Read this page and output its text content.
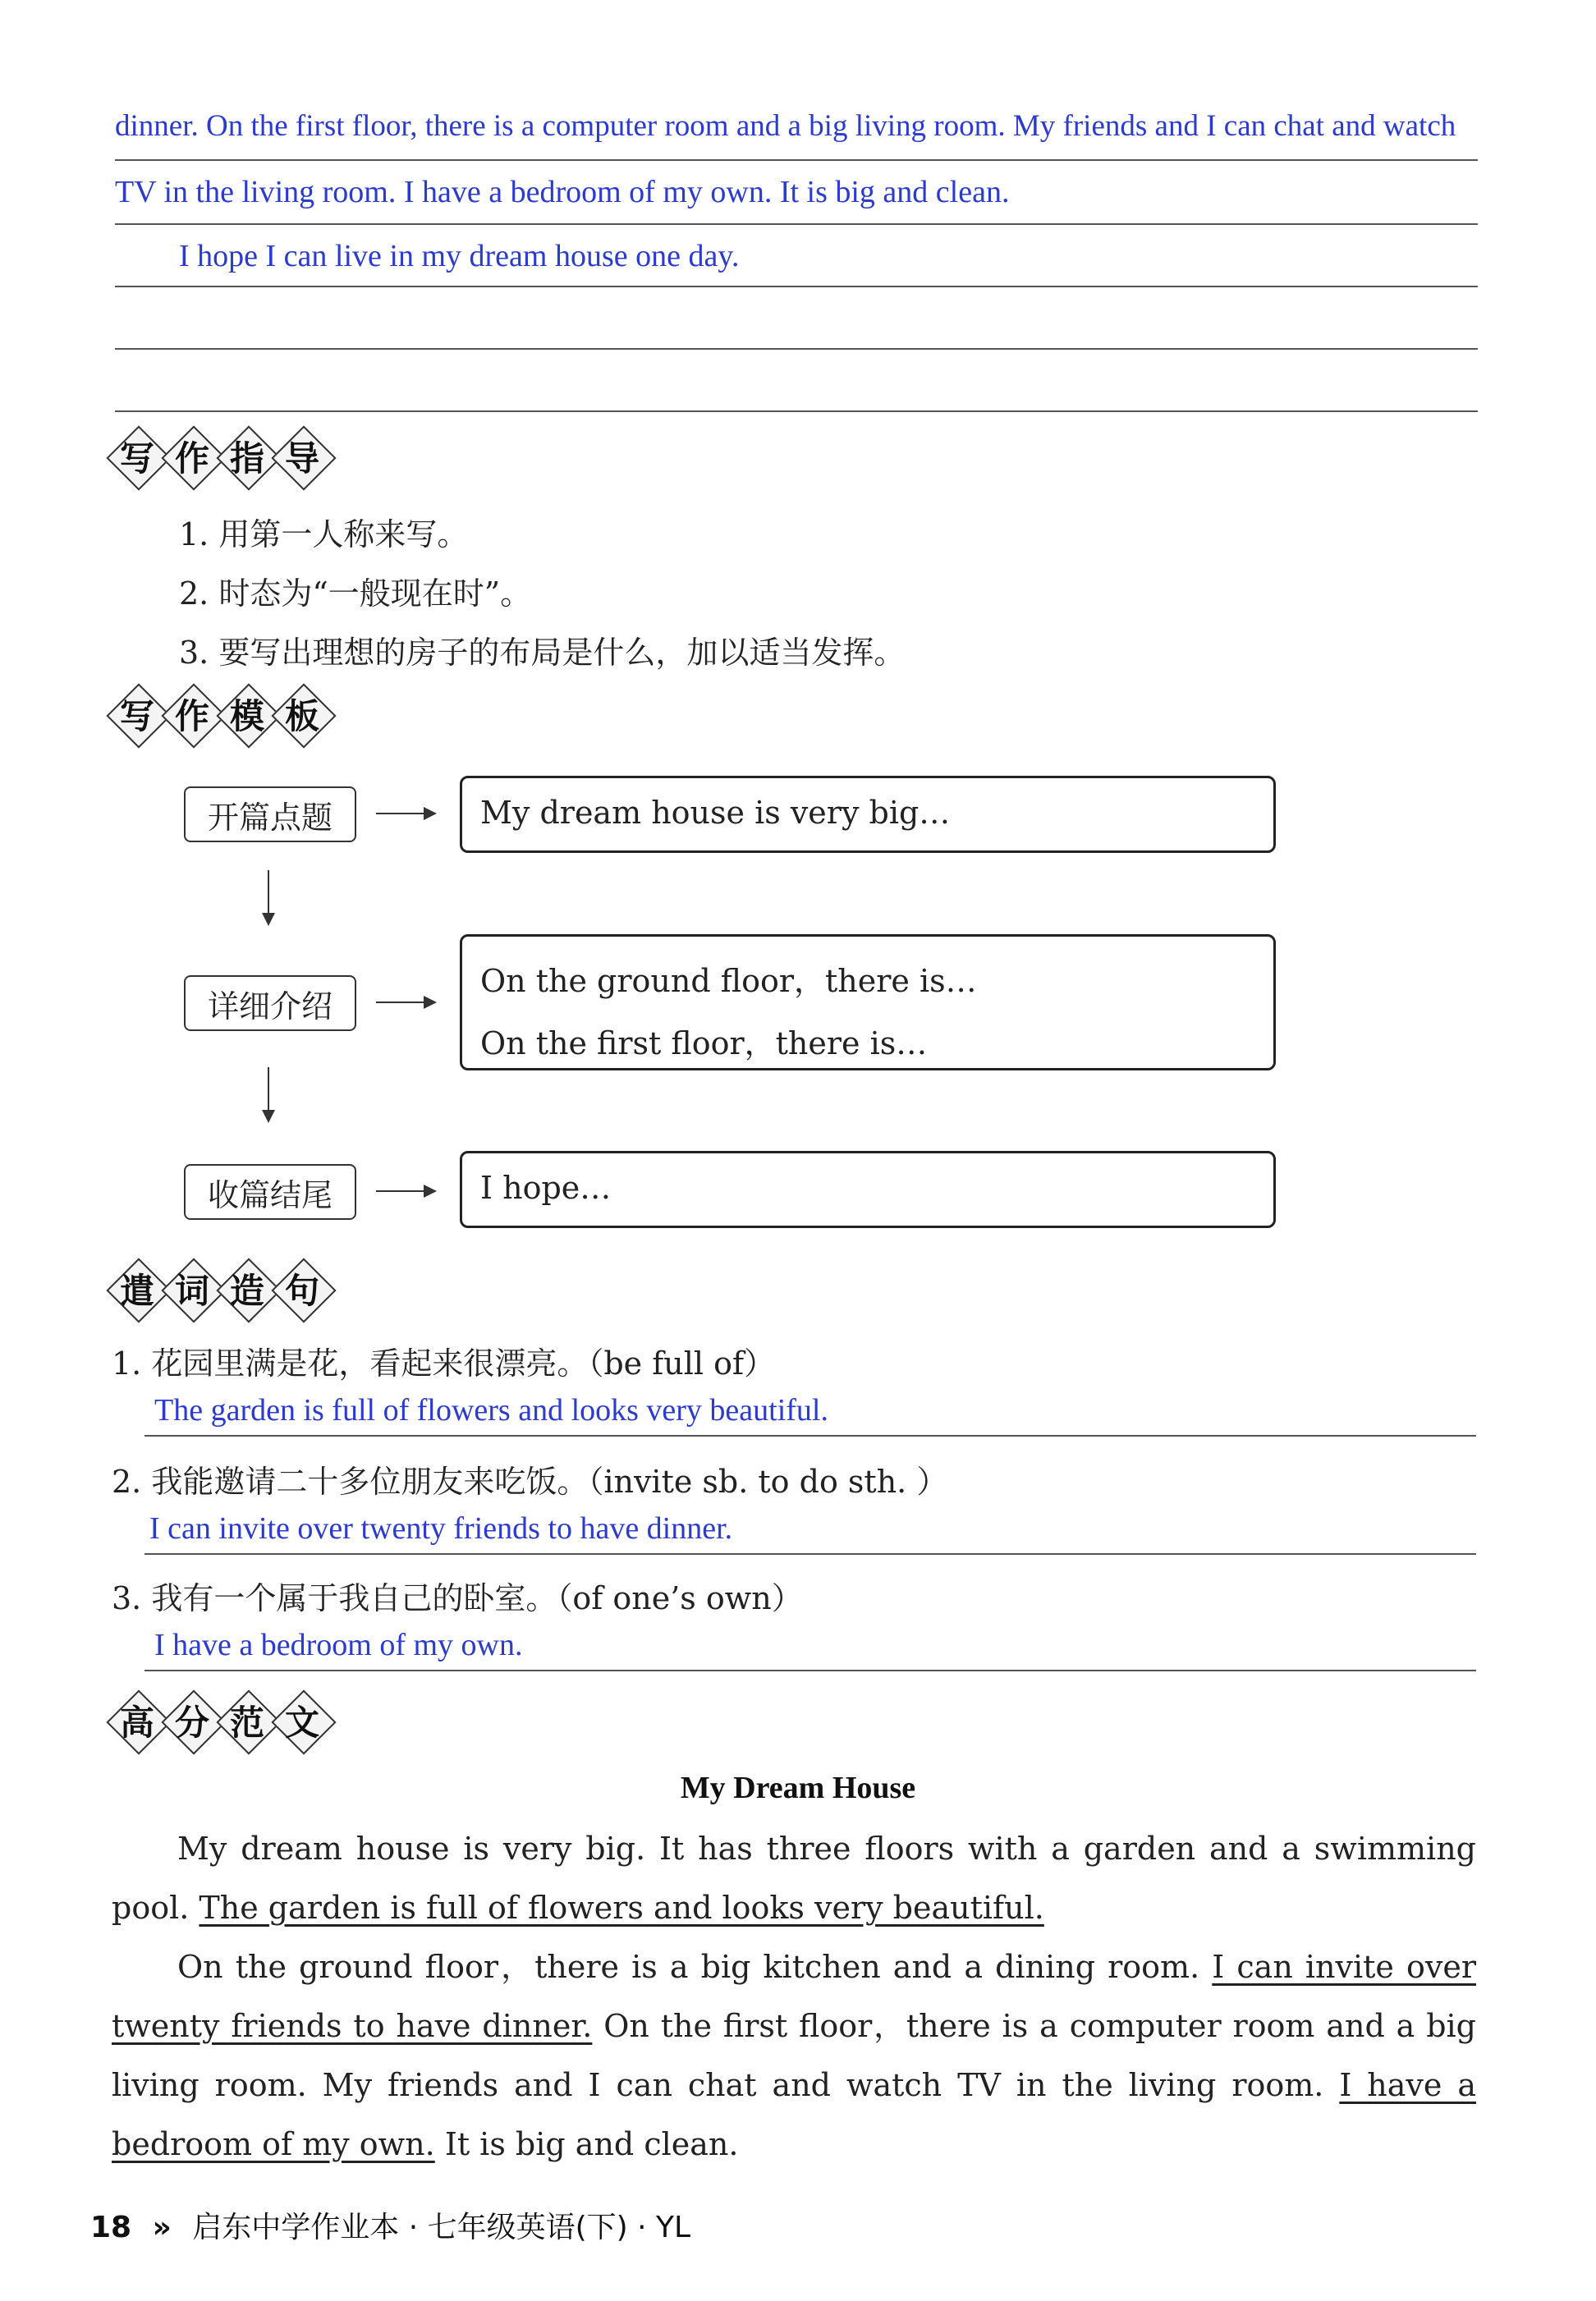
dinner. On the first floor, there is a computer room and a big living room. My friends and I can chat and watch
TV in the living room. I have a bedroom of my own. It is big and clean.
I hope I can live in my dream house one day.
写 作 指 导
1. 用第一人称来写。
2. 时态为“一般现在时”。
3. 要写出理想的房子的布局是什么，加以适当发挥。
写 作 模 板
开篇点题	My dream house is very big…
详细介绍
On the ground floor，there is…
On the first floor，there is…
收篇结尾	I hope…
遣 词 造 句
1. 花园里满是花，看起来很漂亮。（be full of）
The garden is full of flowers and looks very beautiful.
2. 我能邀请二十多位朋友来吃饭。（invite sb. to do sth. ）
I can invite over twenty friends to have dinner.
3. 我有一个属于我自己的卧室。（of one’s own）
I have a bedroom of my own.
高 分 范 文
My Dream House
My dream house is very big. It has three floors with a garden and a swimming pool. The garden is full of flowers and looks very beautiful.
On the ground floor，there is a big kitchen and a dining room. I can invite over twenty friends to have dinner. On the first floor，there is a computer room and a big living room. My friends and I can chat and watch TV in the living room. I have a bedroom of my own. It is big and clean.
18 » 启东中学作业本 · 七年级英语(下) · YL
